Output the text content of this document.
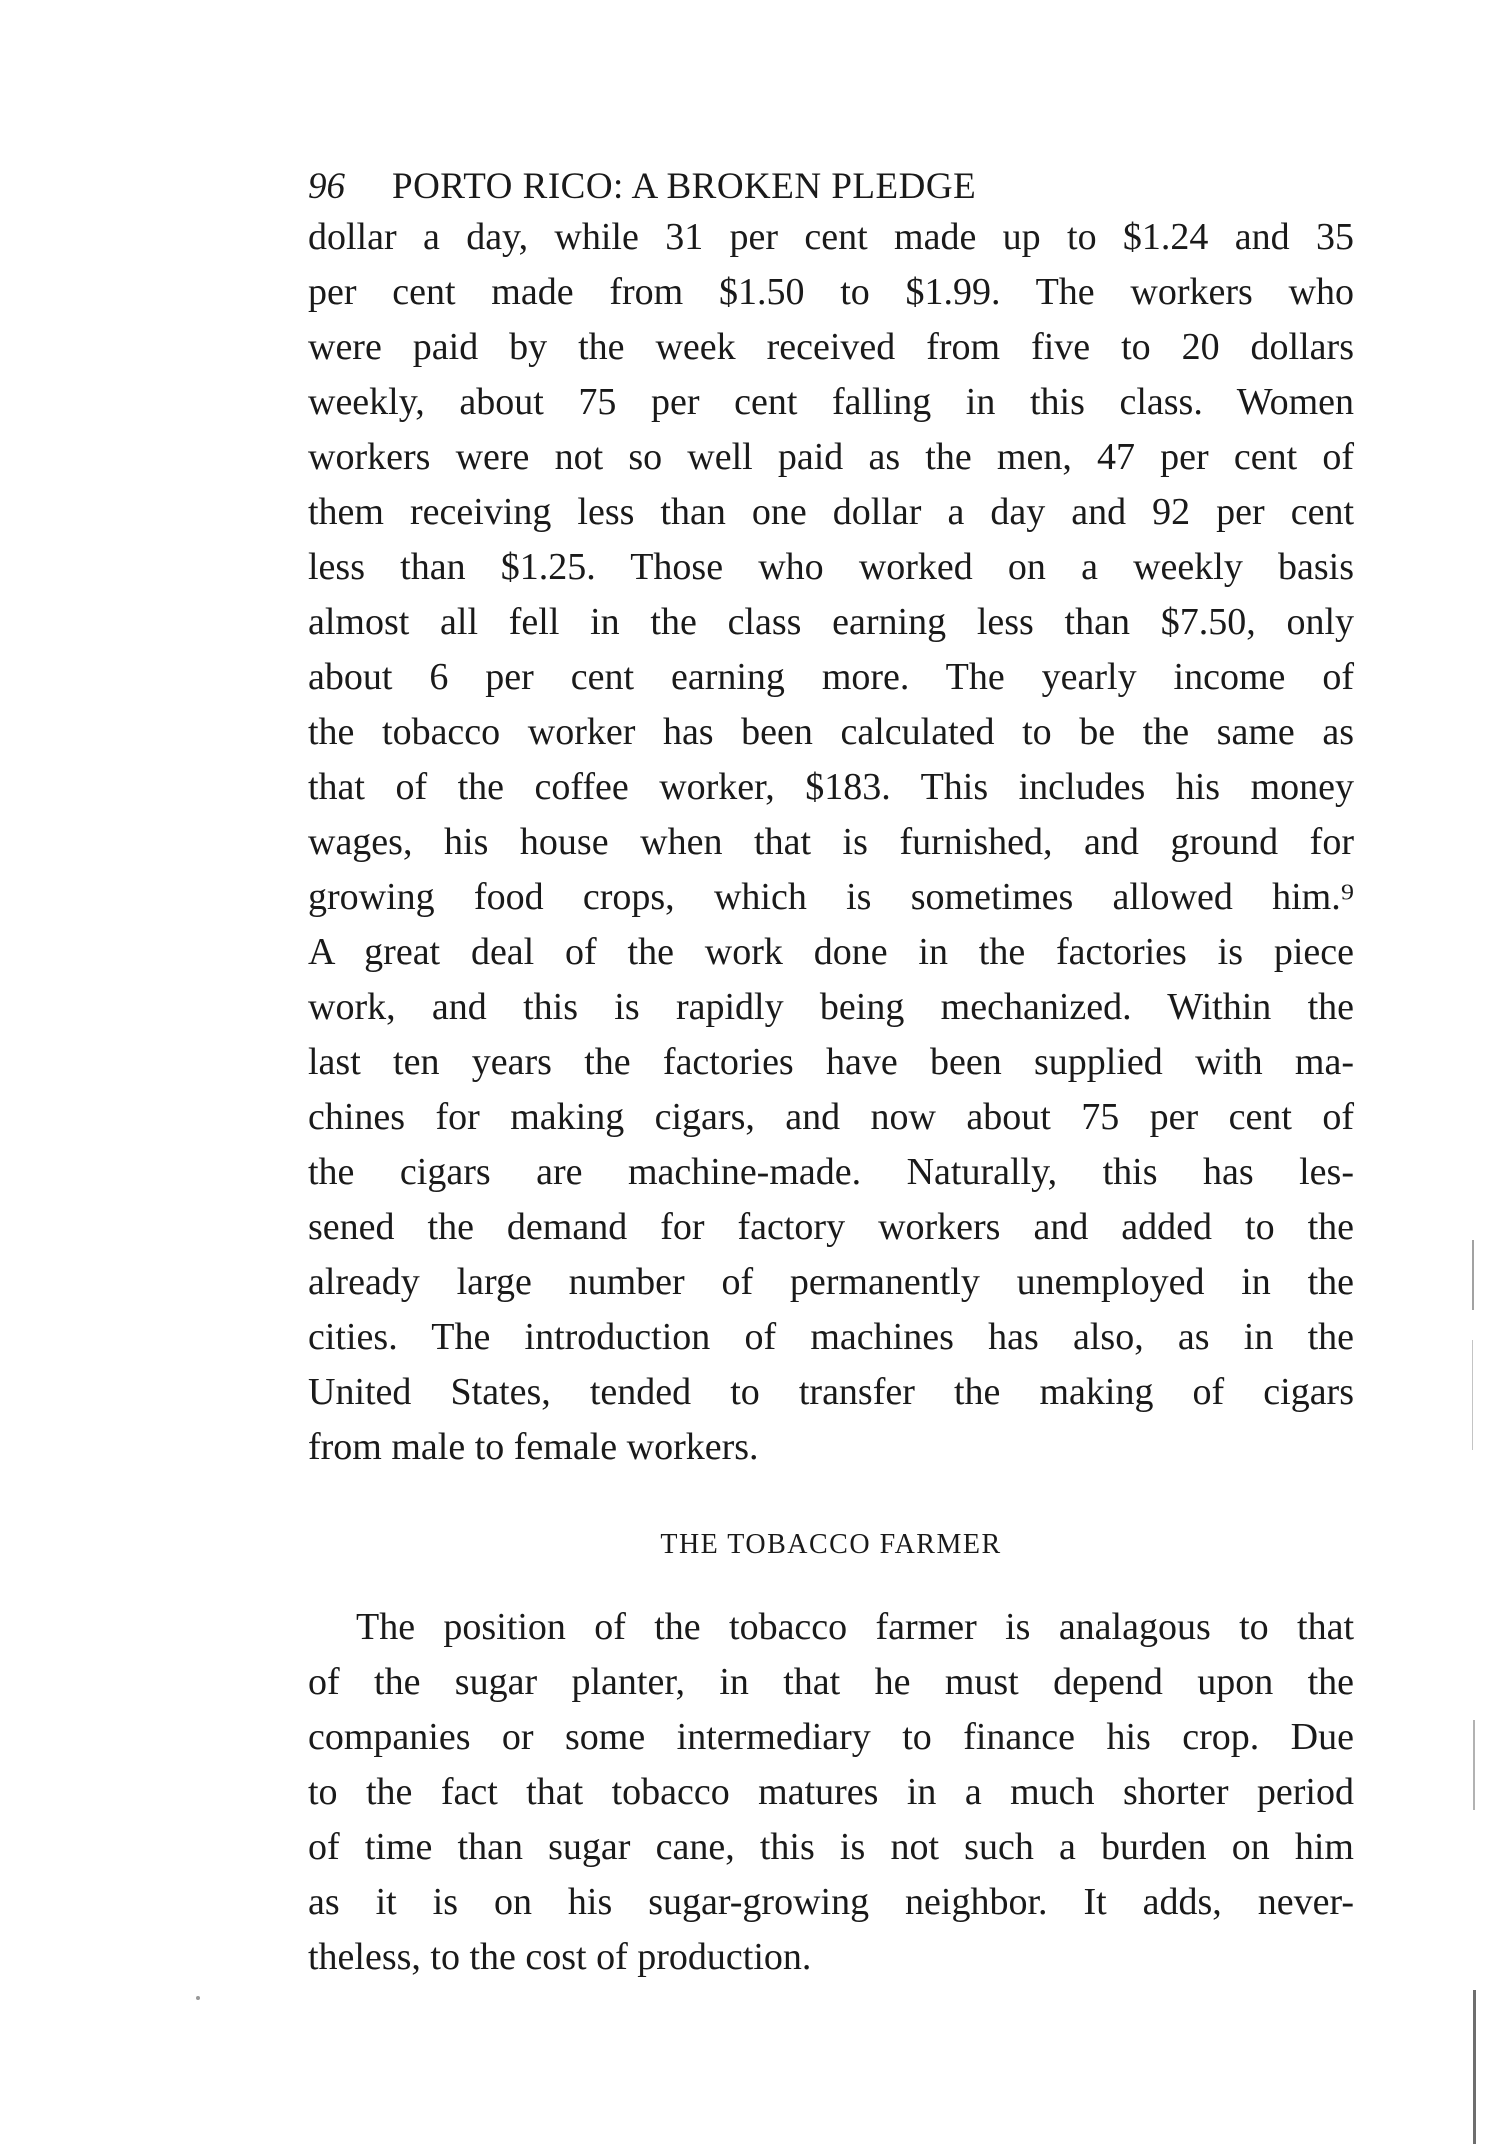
96 PORTO RICO: A BROKEN PLEDGE
dollar a day, while 31 per cent made up to $1.24 and 35
per cent made from $1.50 to $1.99. The workers who
were paid by the week received from five to 20 dollars
weekly, about 75 per cent falling in this class. Women
workers were not so well paid as the men, 47 per cent of
them receiving less than one dollar a day and 92 per cent
less than $1.25. Those who worked on a weekly basis
almost all fell in the class earning less than $7.50, only
about 6 per cent earning more. The yearly income of
the tobacco worker has been calculated to be the same as
that of the coffee worker, $183. This includes his money
wages, his house when that is furnished, and ground for
growing food crops, which is sometimes allowed him.⁹
A great deal of the work done in the factories is piece
work, and this is rapidly being mechanized. Within the
last ten years the factories have been supplied with ma-
chines for making cigars, and now about 75 per cent of
the cigars are machine-made. Naturally, this has les-
sened the demand for factory workers and added to the
already large number of permanently unemployed in the
cities. The introduction of machines has also, as in the
United States, tended to transfer the making of cigars
from male to female workers.
THE TOBACCO FARMER
The position of the tobacco farmer is analagous to that
of the sugar planter, in that he must depend upon the
companies or some intermediary to finance his crop. Due
to the fact that tobacco matures in a much shorter period
of time than sugar cane, this is not such a burden on him
as it is on his sugar-growing neighbor. It adds, never-
theless, to the cost of production.
